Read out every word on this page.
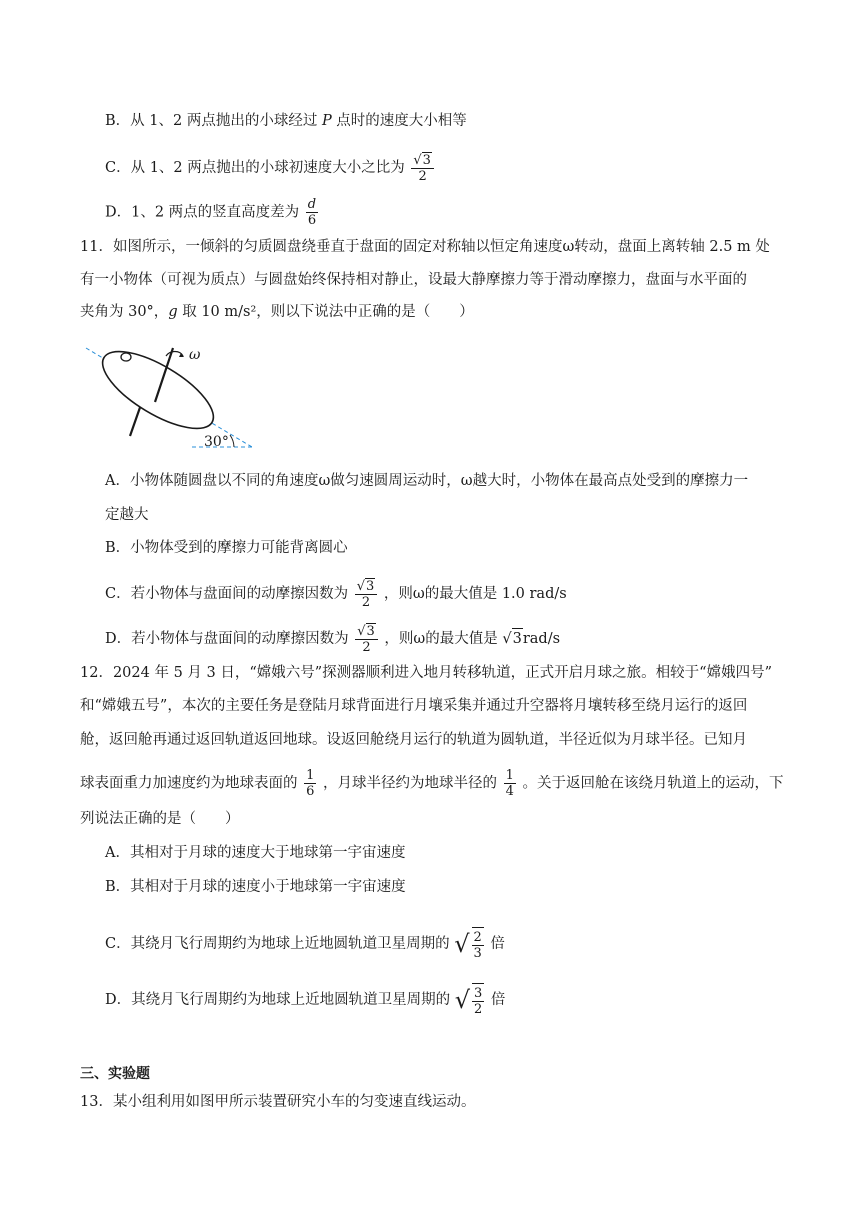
B．从 1、2 两点抛出的小球经过 P 点时的速度大小相等
C．从 1、2 两点抛出的小球初速度大小之比为 $\frac{√3}{2}$
D．1、2 两点的竖直高度差为 $\frac{d}{6}$
11．如图所示，一倾斜的匀质圆盘绕垂直于盘面的固定对称轴以恒定角速度ω转动，盘面上离转轴 2.5 m 处
有一小物体（可视为质点）与圆盘始终保持相对静止，设最大静摩擦力等于滑动摩擦力，盘面与水平面的
夹角为 30°，g 取 10 m/s²，则以下说法中正确的是（　　）
ω
30°
A．小物体随圆盘以不同的角速度ω做匀速圆周运动时，ω越大时，小物体在最高点处受到的摩擦力一
定越大
B．小物体受到的摩擦力可能背离圆心
C．若小物体与盘面间的动摩擦因数为 $\frac{√3}{2}$ ，则ω的最大值是 1.0 rad/s
D．若小物体与盘面间的动摩擦因数为 $\frac{√3}{2}$ ，则ω的最大值是 √3rad/s
12．2024 年 5 月 3 日，“嫦娥六号”探测器顺利进入地月转移轨道，正式开启月球之旅。相较于“嫦娥四号”
和“嫦娥五号”，本次的主要任务是登陆月球背面进行月壤采集并通过升空器将月壤转移至绕月运行的返回
舱，返回舱再通过返回轨道返回地球。设返回舱绕月运行的轨道为圆轨道，半径近似为月球半径。已知月
球表面重力加速度约为地球表面的 $\frac{1}{6}$ ，月球半径约为地球半径的 $\frac{1}{4}$ 。关于返回舱在该绕月轨道上的运动，下
列说法正确的是（　　）
A．其相对于月球的速度大于地球第一宇宙速度
B．其相对于月球的速度小于地球第一宇宙速度
C．其绕月飞行周期约为地球上近地圆轨道卫星周期的 √ $\frac{2}{3}$ 倍
D．其绕月飞行周期约为地球上近地圆轨道卫星周期的 √ $\frac{3}{2}$ 倍
三、实验题
13．某小组利用如图甲所示装置研究小车的匀变速直线运动。
